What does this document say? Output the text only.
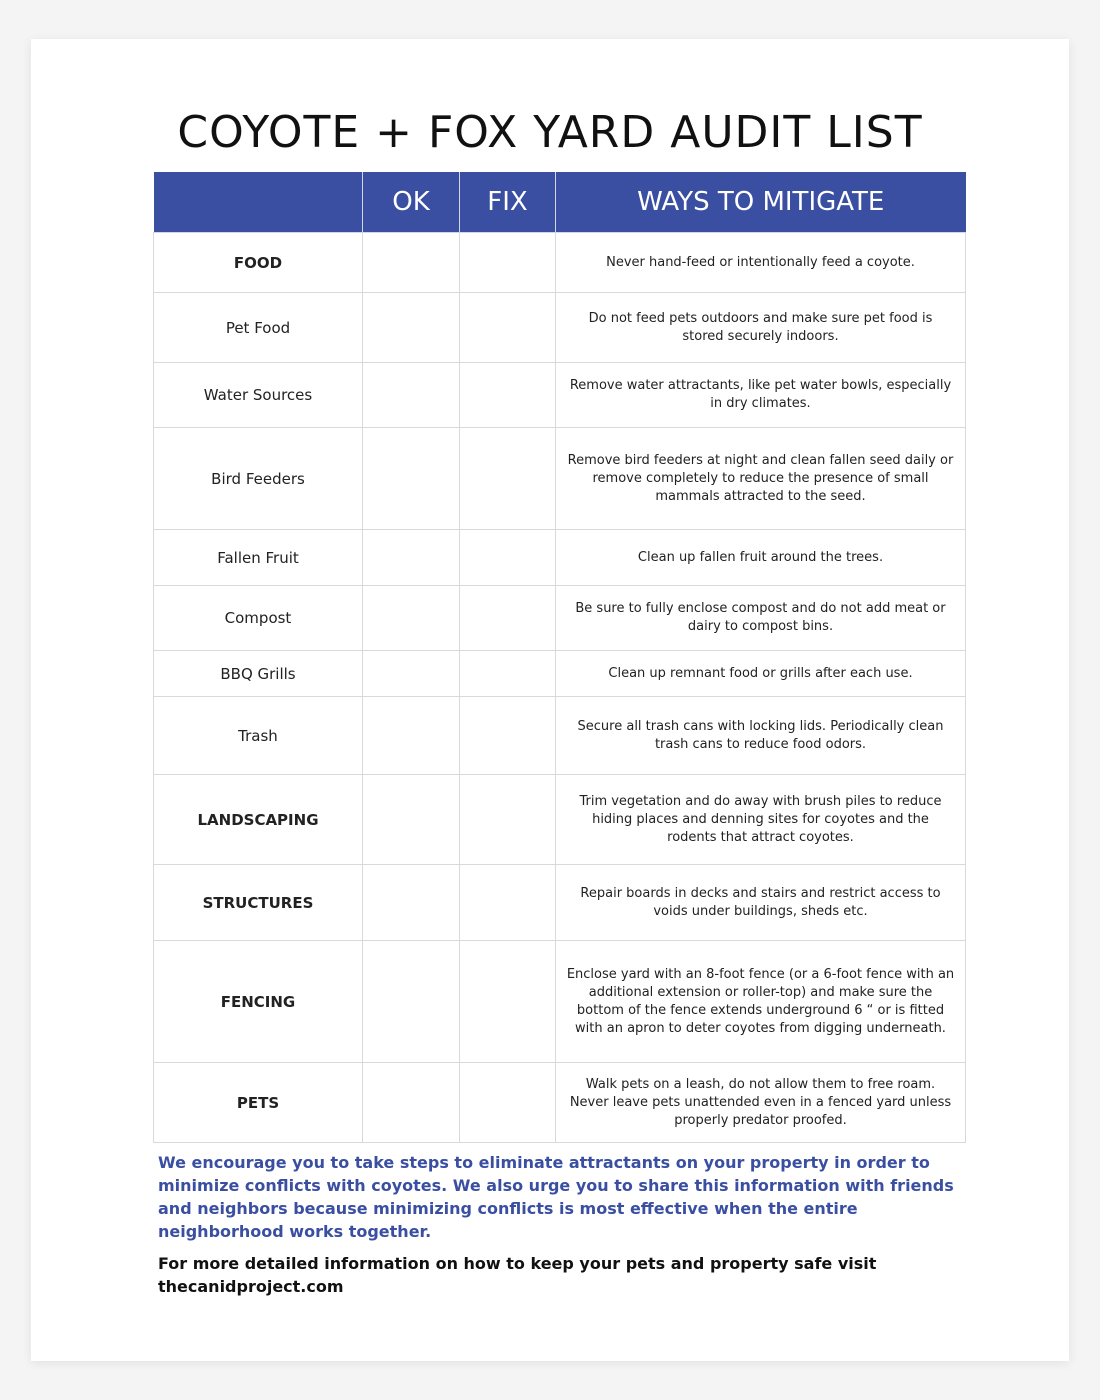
COYOTE + FOX YARD AUDIT LIST
	OK	FIX	WAYS TO MITIGATE
FOOD			Never hand-feed or intentionally feed a coyote.
Pet Food			Do not feed pets outdoors and make sure pet food is stored securely indoors.
Water Sources			Remove water attractants, like pet water bowls, especially in dry climates.
Bird Feeders			Remove bird feeders at night and clean fallen seed daily or remove completely to reduce the presence of small mammals attracted to the seed.
Fallen Fruit			Clean up fallen fruit around the trees.
Compost			Be sure to fully enclose compost and do not add meat or dairy to compost bins.
BBQ Grills			Clean up remnant food or grills after each use.
Trash			Secure all trash cans with locking lids. Periodically clean trash cans to reduce food odors.
LANDSCAPING			Trim vegetation and do away with brush piles to reduce hiding places and denning sites for coyotes and the rodents that attract coyotes.
STRUCTURES			Repair boards in decks and stairs and restrict access to voids under buildings, sheds etc.
FENCING			Enclose yard with an 8-foot fence (or a 6-foot fence with an additional extension or roller-top) and make sure the bottom of the fence extends underground 6 “ or is fitted with an apron to deter coyotes from digging underneath.
PETS			Walk pets on a leash, do not allow them to free roam. Never leave pets unattended even in a fenced yard unless properly predator proofed.

We encourage you to take steps to eliminate attractants on your property in order to minimize conflicts with coyotes. We also urge you to share this information with friends and neighbors because minimizing conflicts is most effective when the entire neighborhood works together.

For more detailed information on how to keep your pets and property safe visit thecanidproject.com
